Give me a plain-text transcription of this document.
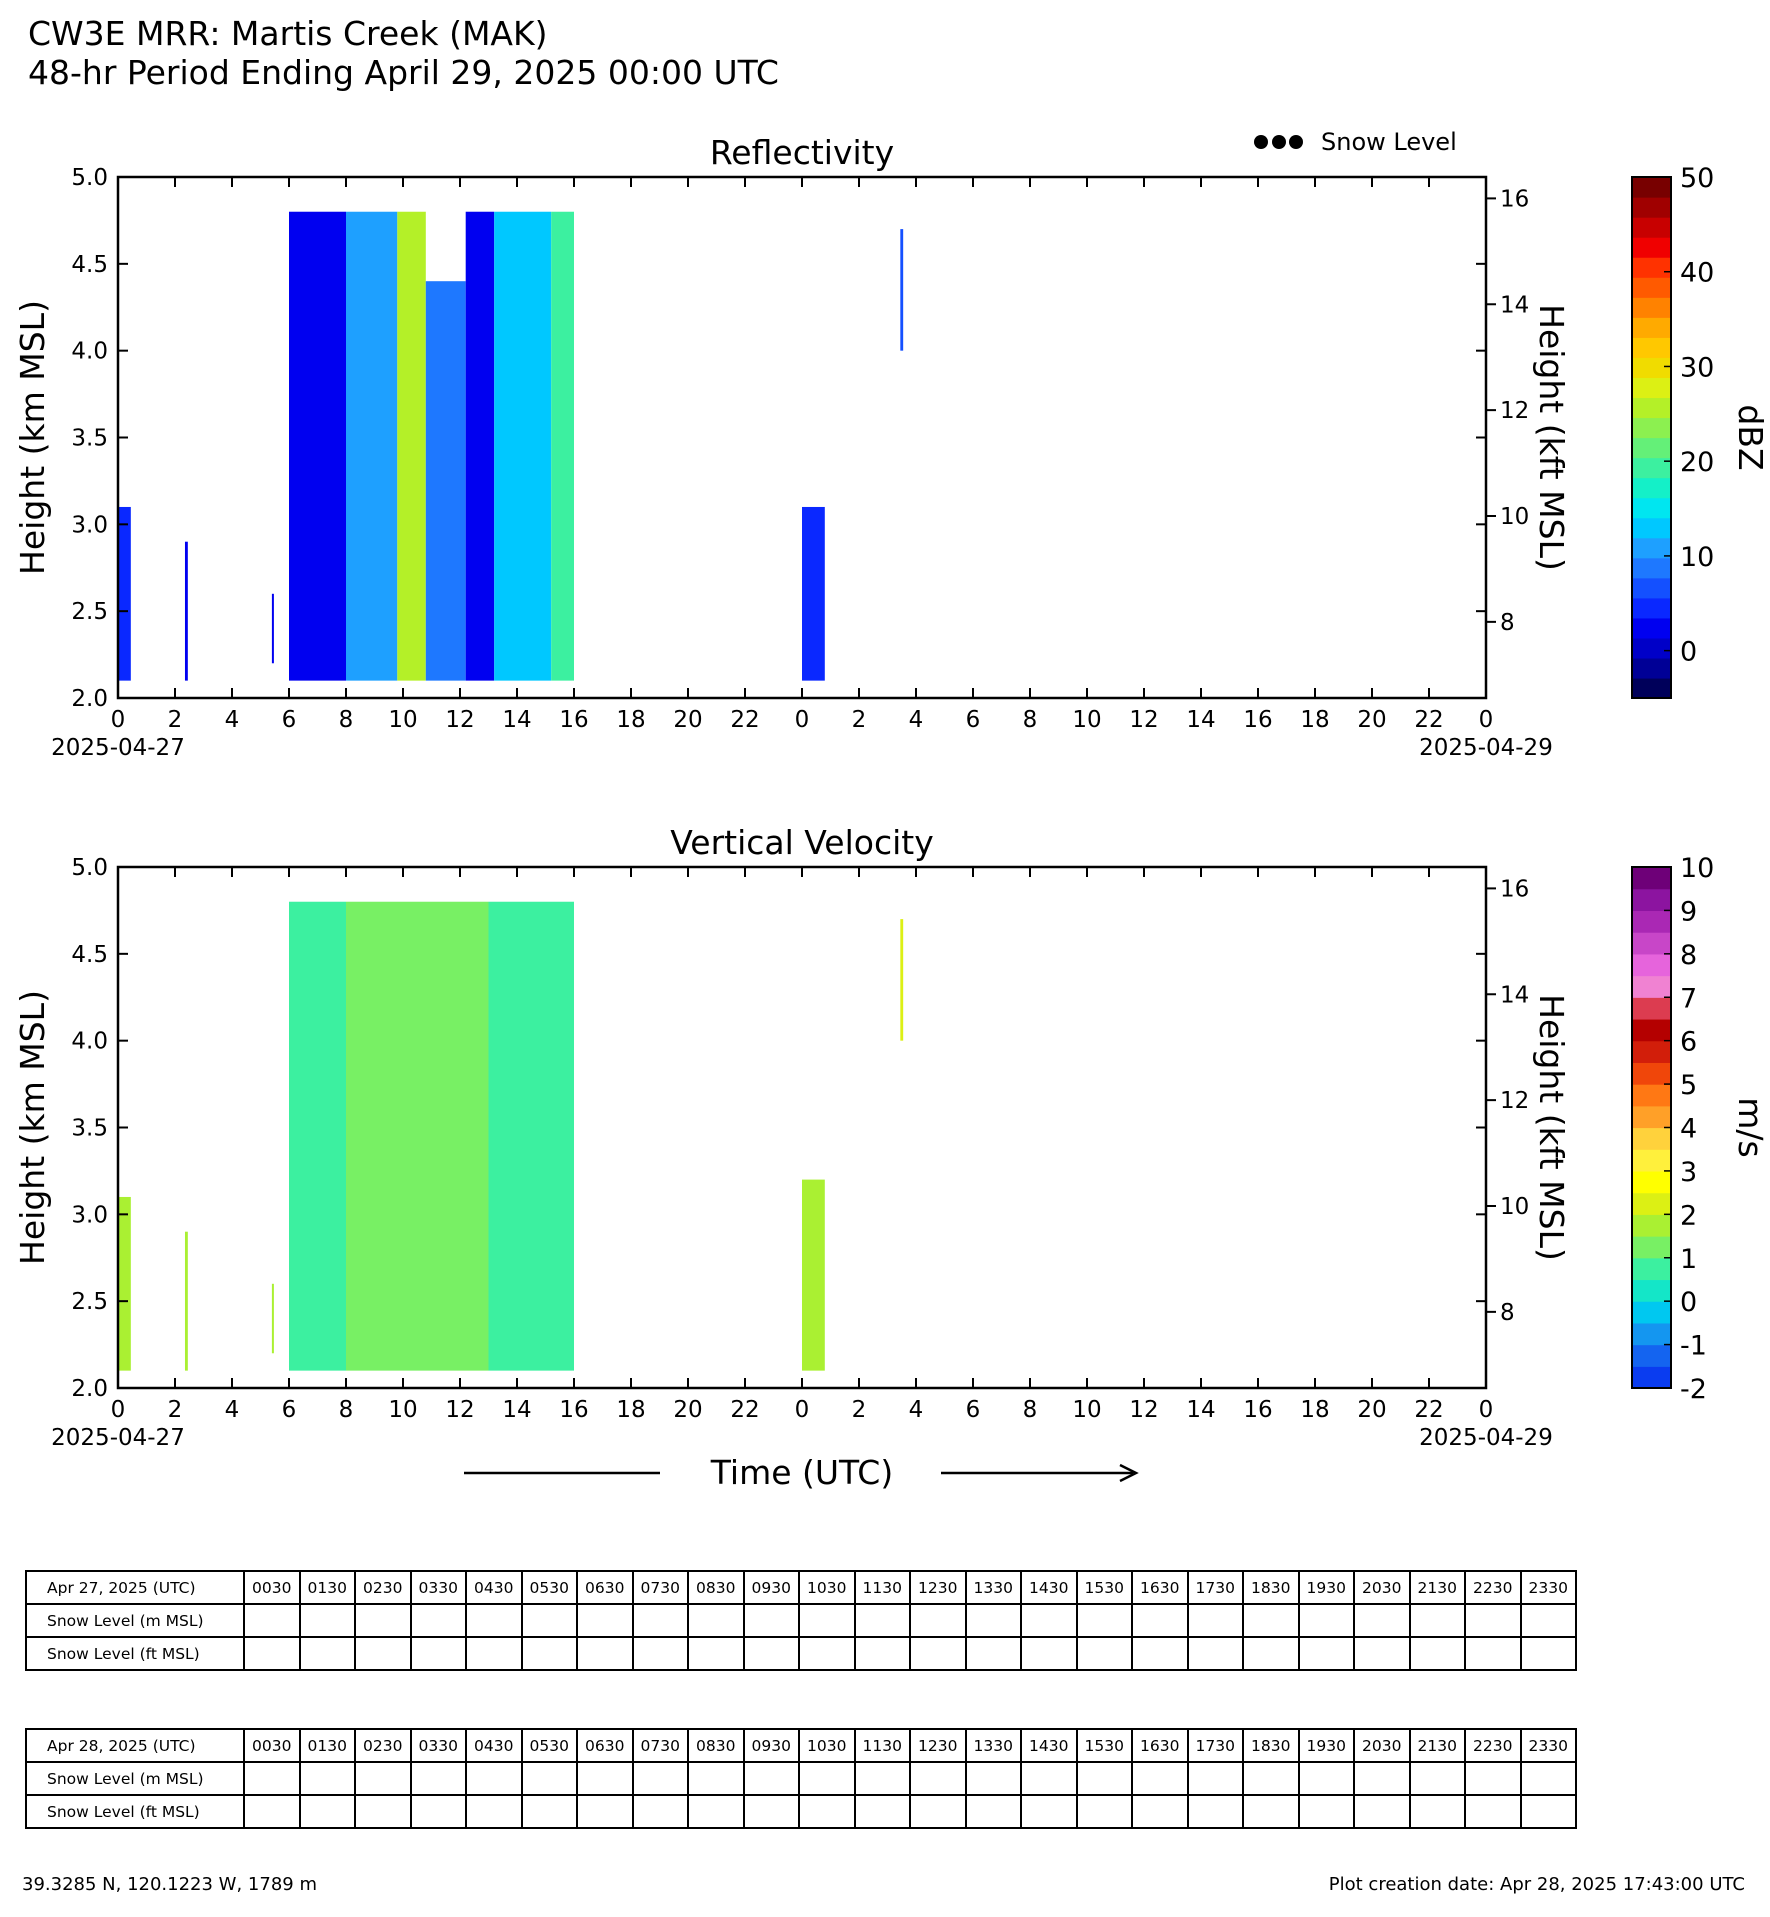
CW3E MRR: Martis Creek (MAK)
48-hr Period Ending April 29, 2025 00:00 UTC
Reflectivity
2.0
2.5
3.0
3.5
4.0
4.5
5.0
8
10
12
14
16
Height (km MSL)	Height (kft MSL)
0 2 4 6 8 10 12 14 16 18 20 22 0 2 4 6 8 10 12 14 16 18 20 22 0
2025-04-27	2025-04-29
0
10
20
30
40
50
dBZ
Vertical Velocity
2.0
2.5
3.0
3.5
4.0
4.5
5.0
8
10
12
14
16
Height (km MSL)	Height (kft MSL)
0 2 4 6 8 10 12 14 16 18 20 22 0 2 4 6 8 10 12 14 16 18 20 22 0
2025-04-27	2025-04-29
-2
-1
0
1
2
3
4
5
6
7
8
9
10
m/s
Snow Level
Time (UTC)
Apr 27, 2025 (UTC)	0030	0130	0230	0330	0430	0530	0630	0730	0830	0930	1030	1130	1230	1330	1430	1530	1630	1730	1830	1930	2030	2130	2230	2330
Snow Level (m MSL)																								
Snow Level (ft MSL)																								
Apr 28, 2025 (UTC)	0030	0130	0230	0330	0430	0530	0630	0730	0830	0930	1030	1130	1230	1330	1430	1530	1630	1730	1830	1930	2030	2130	2230	2330
Snow Level (m MSL)																								
Snow Level (ft MSL)																								
39.3285 N, 120.1223 W, 1789 m	Plot creation date: Apr 28, 2025 17:43:00 UTC
